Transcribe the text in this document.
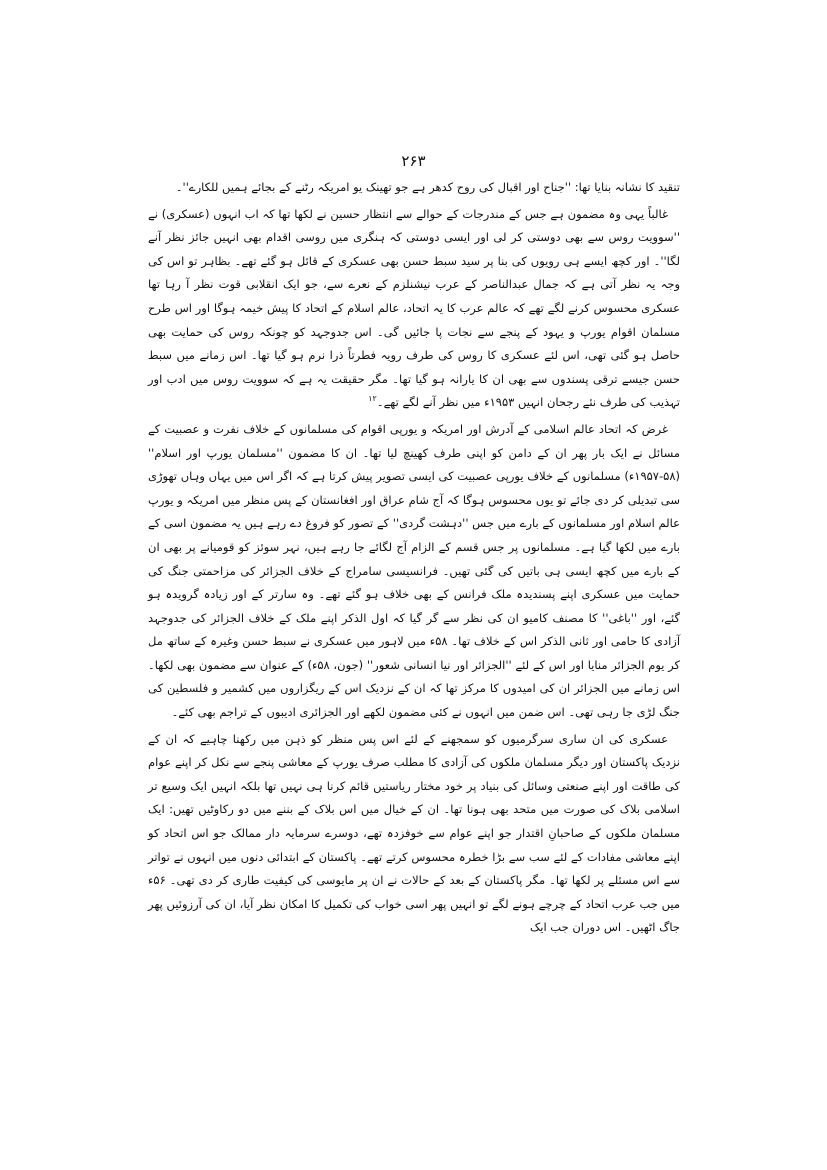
۲۶۳

تنقید کا نشانہ بنایا تھا: ''جناح اور اقبال کی روح کدھر ہے جو تھینک یو امریکہ رٹنے کے بجائے ہمیں للکارے''۔

غالباً یہی وہ مضمون ہے جس کے مندرجات کے حوالے سے انتظار حسین نے لکھا تھا کہ اب انہوں (عسکری) نے ''سوویت روس سے بھی دوستی کر لی اور ایسی دوستی کہ ہنگری میں روسی اقدام بھی انہیں جائز نظر آنے لگا''۔ اور کچھ ایسے ہی رویوں کی بنا پر سید سبط حسن بھی عسکری کے قائل ہو گئے تھے۔ بظاہر تو اس کی وجہ یہ نظر آتی ہے کہ جمال عبدالناصر کے عرب نیشنلزم کے نعرے سے، جو ایک انقلابی قوت نظر آ رہا تھا عسکری محسوس کرنے لگے تھے کہ عالم عرب کا یہ اتحاد، عالم اسلام کے اتحاد کا پیش خیمہ ہوگا اور اس طرح مسلمان اقوام یورپ و یہود کے پنجے سے نجات پا جائیں گی۔ اس جدوجہد کو چونکہ روس کی حمایت بھی حاصل ہو گئی تھی، اس لئے عسکری کا روس کی طرف رویہ فطرتاً ذرا نرم ہو گیا تھا۔ اس زمانے میں سبط حسن جیسے ترقی پسندوں سے بھی ان کا یارانہ ہو گیا تھا۔ مگر حقیقت یہ ہے کہ سوویت روس میں ادب اور تہذیب کی طرف نئے رجحان انہیں ۱۹۵۳ء میں نظر آنے لگے تھے۔$^{۱۲}$

غرض کہ اتحاد عالم اسلامی کے آدرش اور امریکہ و یورپی اقوام کی مسلمانوں کے خلاف نفرت و عصبیت کے مسائل نے ایک بار پھر ان کے دامن کو اپنی طرف کھینچ لیا تھا۔ ان کا مضمون ''مسلمان یورپ اور اسلام'' (۵۸-۱۹۵۷ء) مسلمانوں کے خلاف یورپی عصبیت کی ایسی تصویر پیش کرتا ہے کہ اگر اس میں یہاں وہاں تھوڑی سی تبدیلی کر دی جائے تو یوں محسوس ہوگا کہ آج شام عراق اور افغانستان کے پس منظر میں امریکہ و یورپ عالم اسلام اور مسلمانوں کے بارے میں جس ''دہشت گردی'' کے تصور کو فروغ دے رہے ہیں یہ مضمون اسی کے بارے میں لکھا گیا ہے۔ مسلمانوں پر جس قسم کے الزام آج لگائے جا رہے ہیں، نہر سوئز کو قومیانے پر بھی ان کے بارے میں کچھ ایسی ہی باتیں کی گئی تھیں۔ فرانسیسی سامراج کے خلاف الجزائر کی مزاحمتی جنگ کی حمایت میں عسکری اپنے پسندیدہ ملک فرانس کے بھی خلاف ہو گئے تھے۔ وہ سارتر کے اور زیادہ گرویدہ ہو گئے، اور ''باغی'' کا مصنف کامیو ان کی نظر سے گر گیا کہ اول الذکر اپنے ملک کے خلاف الجزائر کی جدوجہد آزادی کا حامی اور ثانی الذکر اس کے خلاف تھا۔ ۵۸ء میں لاہور میں عسکری نے سبط حسن وغیرہ کے ساتھ مل کر یوم الجزائر منایا اور اس کے لئے ''الجزائر اور نیا انسانی شعور'' (جون، ۵۸ء) کے عنوان سے مضمون بھی لکھا۔ اس زمانے میں الجزائر ان کی امیدوں کا مرکز تھا کہ ان کے نزدیک اس کے ریگزاروں میں کشمیر و فلسطین کی جنگ لڑی جا رہی تھی۔ اس ضمن میں انہوں نے کئی مضمون لکھے اور الجزائری ادیبوں کے تراجم بھی کئے۔

عسکری کی ان ساری سرگرمیوں کو سمجھنے کے لئے اس پس منظر کو ذہن میں رکھنا چاہیے کہ ان کے نزدیک پاکستان اور دیگر مسلمان ملکوں کی آزادی کا مطلب صرف یورپ کے معاشی پنجے سے نکل کر اپنے عوام کی طاقت اور اپنے صنعتی وسائل کی بنیاد پر خود مختار ریاستیں قائم کرنا ہی نہیں تھا بلکہ انہیں ایک وسیع تر اسلامی بلاک کی صورت میں متحد بھی ہونا تھا۔ ان کے خیال میں اس بلاک کے بننے میں دو رکاوٹیں تھیں: ایک مسلمان ملکوں کے صاحبانِ اقتدار جو اپنے عوام سے خوفزدہ تھے، دوسرے سرمایہ دار ممالک جو اس اتحاد کو اپنے معاشی مفادات کے لئے سب سے بڑا خطرہ محسوس کرتے تھے۔ پاکستان کے ابتدائی دنوں میں انہوں نے تواتر سے اس مسئلے پر لکھا تھا۔ مگر پاکستان کے بعد کے حالات نے ان پر مایوسی کی کیفیت طاری کر دی تھی۔ ۵۶ء میں جب عرب اتحاد کے چرچے ہونے لگے تو انہیں پھر اسی خواب کی تکمیل کا امکان نظر آیا، ان کی آرزوئیں پھر جاگ اٹھیں۔ اس دوران جب ایک
